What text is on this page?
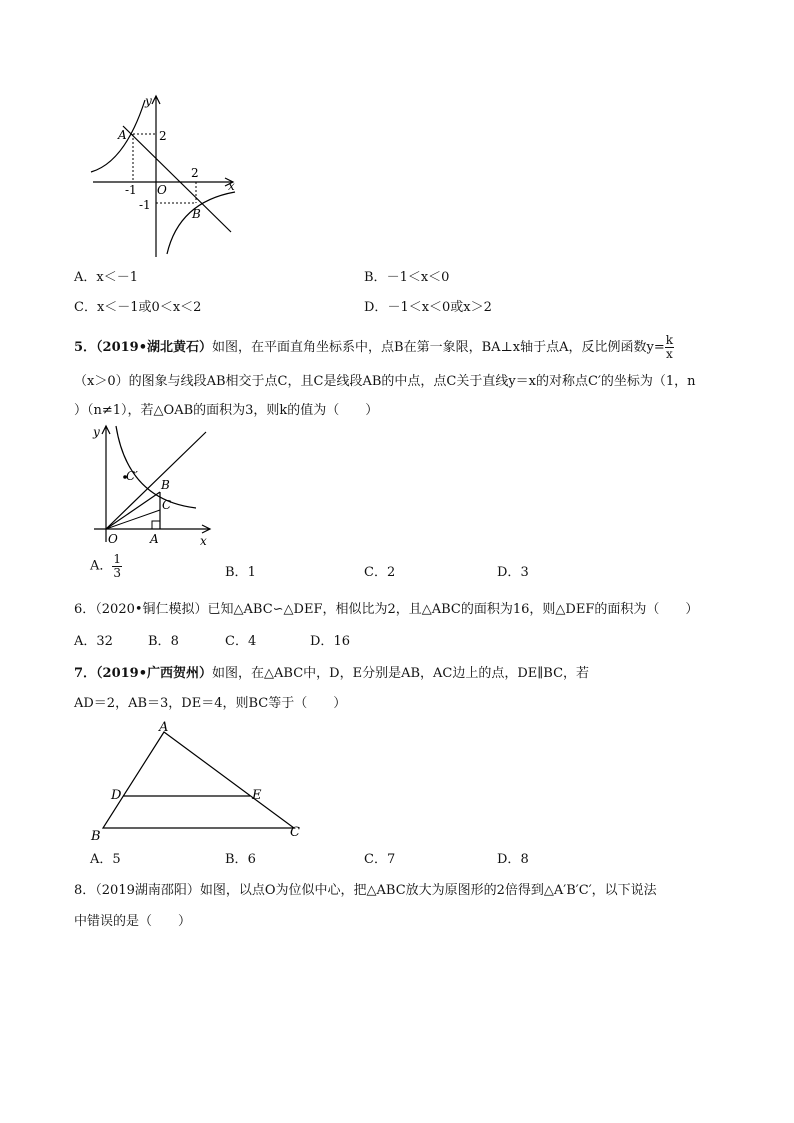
y
x
A
B
O
2
2
-1
-1
A．x＜－1	B．－1＜x＜0
C．x＜－1或0＜x＜2	D．－1＜x＜0或x＞2
5．（2019•湖北黄石）如图，在平面直角坐标系中，点B在第一象限，BA⊥x轴于点A，反比例函数$y= \frac{k}{x}$
（x＞0）的图象与线段AB相交于点C，且C是线段AB的中点，点C关于直线y＝x的对称点C′的坐标为（1，n
）（n≠1），若△OAB的面积为3，则k的值为（　　）
y
x
O	A
B
C
C′
A． $\frac{1}{3}$	B．1	C．2	D．3
6．（2020•铜仁模拟）已知△ABC∽△DEF，相似比为2，且△ABC的面积为16，则△DEF的面积为（　　）
A．32	B．8	C．4	D．16
7．（2019•广西贺州）如图，在△ABC中，D，E分别是AB，AC边上的点，DE∥BC，若
AD＝2，AB＝3，DE＝4，则BC等于（　　）
A
B	C
D	E
A．5	B．6	C．7	D．8
8．（2019湖南邵阳）如图，以点O为位似中心，把△ABC放大为原图形的2倍得到△A′B′C′，以下说法
中错误的是（　　）
